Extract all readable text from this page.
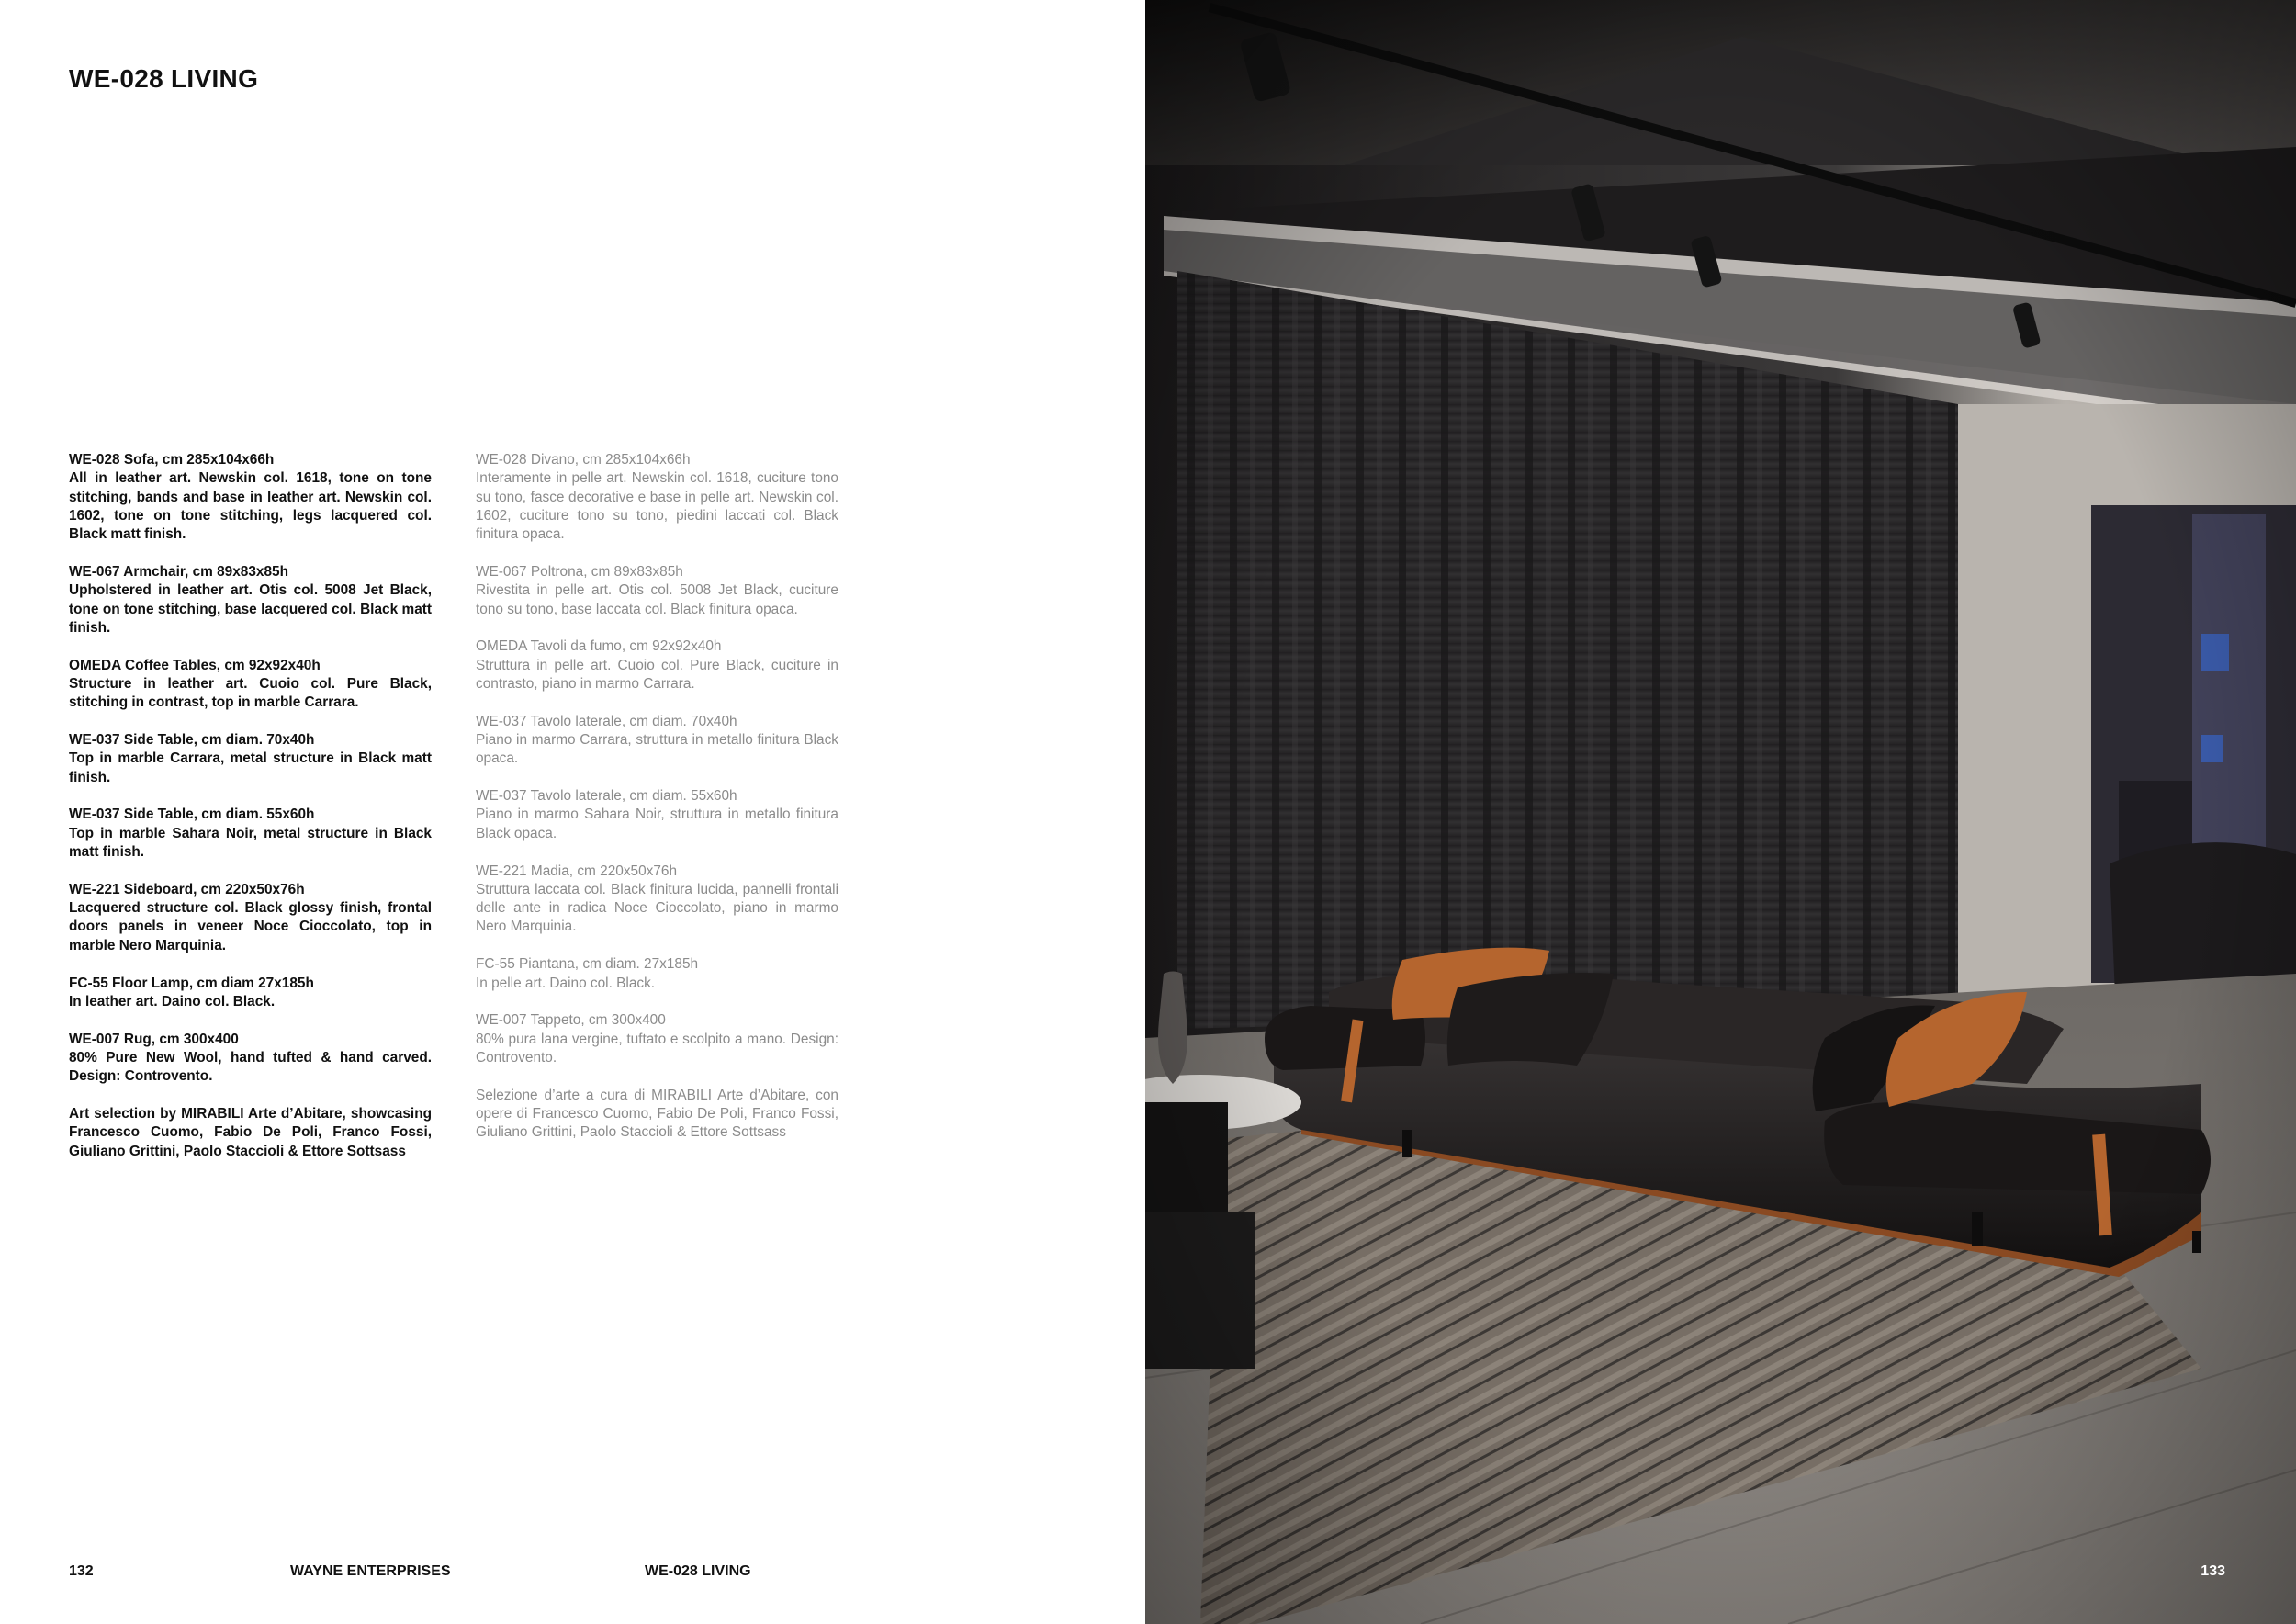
WE-028 LIVING
WE-028 Sofa, cm 285x104x66h
All in leather art. Newskin col. 1618, tone on tone stitching, bands and base in leather art. Newskin col. 1602, tone on tone stitching, legs lacquered col. Black matt finish.
WE-067 Armchair, cm 89x83x85h
Upholstered in leather art. Otis col. 5008 Jet Black, tone on tone stitching, base lacquered col. Black matt finish.
OMEDA Coffee Tables, cm 92x92x40h
Structure in leather art. Cuoio col. Pure Black, stitching in contrast, top in marble Carrara.
WE-037 Side Table, cm diam. 70x40h
Top in marble Carrara, metal structure in Black matt finish.
WE-037 Side Table, cm diam. 55x60h
Top in marble Sahara Noir, metal structure in Black matt finish.
WE-221 Sideboard, cm 220x50x76h
Lacquered structure col. Black glossy finish, frontal doors panels in veneer Noce Cioccolato, top in marble Nero Marquinia.
FC-55 Floor Lamp, cm diam 27x185h
In leather art. Daino col. Black.
WE-007 Rug, cm 300x400
80% Pure New Wool, hand tufted & hand carved. Design: Controvento.
Art selection by MIRABILI Arte d’Abitare, showcasing Francesco Cuomo, Fabio De Poli, Franco Fossi, Giuliano Grittini, Paolo Staccioli & Ettore Sottsass
WE-028 Divano, cm 285x104x66h
Interamente in pelle art. Newskin col. 1618, cuciture tono su tono, fasce decorative e base in pelle art. Newskin col. 1602, cuciture tono su tono, piedini laccati col. Black finitura opaca.
WE-067 Poltrona, cm 89x83x85h
Rivestita in pelle art. Otis col. 5008 Jet Black, cuciture tono su tono, base laccata col. Black finitura opaca.
OMEDA Tavoli da fumo, cm 92x92x40h
Struttura in pelle art. Cuoio col. Pure Black, cuciture in contrasto, piano in marmo Carrara.
WE-037 Tavolo laterale, cm diam. 70x40h
Piano in marmo Carrara, struttura in metallo finitura Black opaca.
WE-037 Tavolo laterale, cm diam. 55x60h
Piano in marmo Sahara Noir, struttura in metallo finitura Black opaca.
WE-221 Madia, cm 220x50x76h
Struttura laccata col. Black finitura lucida, pannelli frontali delle ante in radica Noce Cioccolato, piano in marmo Nero Marquinia.
FC-55 Piantana, cm diam. 27x185h
In pelle art. Daino col. Black.
WE-007 Tappeto, cm 300x400
80% pura lana vergine, tuftato e scolpito a mano. Design: Controvento.
Selezione d’arte a cura di MIRABILI Arte d’Abitare, con opere di Francesco Cuomo, Fabio De Poli, Franco Fossi, Giuliano Grittini, Paolo Staccioli & Ettore Sottsass
132	WAYNE ENTERPRISES	WE-028 LIVING	133
